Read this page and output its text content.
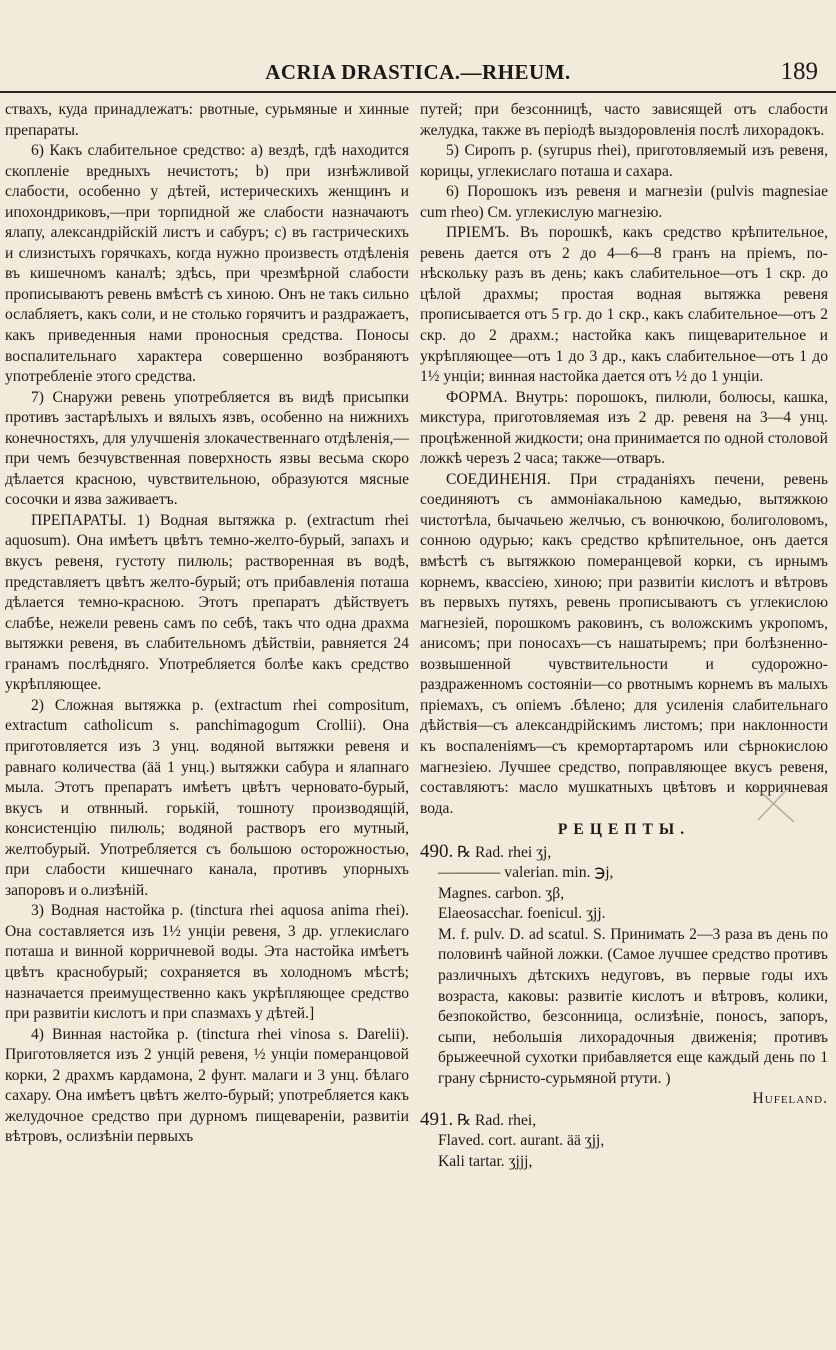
ACRIA DRASTICA.—RHEUM.	189

ствахъ, куда принадлежатъ: рвотные, сурьмяные и хинные препараты.

6) Какъ слабительное средство: a) вездѣ, гдѣ находится скопленіе вредныхъ нечистотъ; b) при изнѣжливой слабости, особенно у дѣтей, истерическихъ женщинъ и ипохондриковъ,—при торпидной же слабости назначаютъ ялапу, александрійскій листъ и сабуръ; c) въ гастрическихъ и слизистыхъ горячкахъ, когда нужно произвесть отдѣленія въ кишечномъ каналѣ; здѣсь, при чрезмѣрной слабости прописываютъ ревень вмѣстѣ съ хиною. Онъ не такъ сильно ослабляетъ, какъ соли, и не столько горячитъ и раздражаетъ, какъ приведенныя нами проносныя средства. Поносы воспалительнаго характера совершенно возбраняютъ употребленіе этого средства.

7) Снаружи ревень употребляется въ видѣ присыпки противъ застарѣлыхъ и вялыхъ язвъ, особенно на нижнихъ конечностяхъ, для улучшенія злокачественнаго отдѣленія,—при чемъ безчувственная поверхность язвы весьма скоро дѣлается красною, чувствительною, образуются мясные сосочки и язва заживаетъ.

ПРЕПАРАТЫ. 1) Водная вытяжка р. (extractum rhei aquosum). Она имѣетъ цвѣтъ темно-желто-бурый, запахъ и вкусъ ревеня, густоту пилюль; растворенная въ водѣ, представляетъ цвѣтъ желто-бурый; отъ прибавленія поташа дѣлается темно-красною. Этотъ препаратъ дѣйствуетъ слабѣе, нежели ревень самъ по себѣ, такъ что одна драхма вытяжки ревеня, въ слабительномъ дѣйствіи, равняется 24 гранамъ послѣдняго. Употребляется болѣе какъ средство укрѣпляющее.

2) Сложная вытяжка р. (extractum rhei compositum, extractum catholicum s. panchimagogum Crollii). Она приготовляется изъ 3 унц. водяной вытяжки ревеня и равнаго количества (ää 1 унц.) вытяжки сабура и ялапнаго мыла. Этотъ препаратъ имѣетъ цвѣтъ черновато-бурый, вкусъ и отвнный. горькій, тошноту производящій, консистенцію пилюль; водяной растворъ его мутный, желтобурый. Употребляется съ большою осторожностью, при слабости кишечнаго канала, противъ упорныхъ запоровъ и о.лизѣній.

3) Водная настойка р. (tinctura rhei aquosa anima rhei). Она составляется изъ 1½ унціи ревеня, 3 др. углекислаго поташа и винной корричневой воды. Эта настойка имѣетъ цвѣтъ краснобурый; сохраняется въ холодномъ мѣстѣ; назначается преимущественно какъ укрѣпляющее средство при развитіи кислотъ и при спазмахъ у дѣтей.]

4) Винная настойка р. (tinctura rhei vinosa s. Darelii). Приготовляется изъ 2 унцій ревеня, ½ унціи померанцовой корки, 2 драхмъ кардамона, 2 фунт. малаги и 3 унц. бѣлаго сахару. Она имѣетъ цвѣтъ желто-бурый; употребляется какъ желудочное средство при дурномъ пищевареніи, развитіи вѣтровъ, ослизѣніи первыхъ

путей; при безсонницѣ, часто зависящей отъ слабости желудка, также въ періодѣ выздоровленія послѣ лихорадокъ.

5) Сиропъ р. (syrupus rhei), приготовляемый изъ ревеня, корицы, углекислаго поташа и сахара.

6) Порошокъ изъ ревеня и магнезіи (pulvis magnesiae cum rheo) См. углекислую магнезію.

ПРІЕМЪ. Въ порошкѣ, какъ средство крѣпительное, ревень дается отъ 2 до 4—6—8 гранъ на пріемъ, по-нѣскольку разъ въ день; какъ слабительное—отъ 1 скр. до цѣлой драхмы; простая водная вытяжка ревеня прописывается отъ 5 гр. до 1 скр., какъ слабительное—отъ 2 скр. до 2 драхм.; настойка какъ пищеварительное и укрѣпляющее—отъ 1 до 3 др., какъ слабительное—отъ 1 до 1½ унціи; винная настойка дается отъ ½ до 1 унціи.

ФОРМА. Внутрь: порошокъ, пилюли, болюсы, кашка, микстура, приготовляемая изъ 2 др. ревеня на 3—4 унц. процѣженной жидкости; она принимается по одной столовой ложкѣ черезъ 2 часа; также—отваръ.

СОЕДИНЕНІЯ. При страданіяхъ печени, ревень соединяютъ съ аммоніакальною камедью, вытяжкою чистотѣла, бычачьею желчью, съ вонючкою, болиголовомъ, сонною одурью; какъ средство крѣпительное, онъ дается вмѣстѣ съ вытяжкою померанцевой корки, съ ирнымъ корнемъ, квассіею, хиною; при развитіи кислотъ и вѣтровъ въ первыхъ путяхъ, ревень прописываютъ съ углекислою магнезіей, порошкомъ раковинъ, съ воложскимъ укропомъ, анисомъ; при поносахъ—съ нашатыремъ; при болѣзненно-возвышенной чувствительности и судорожно-раздраженномъ состояніи—со рвотнымъ корнемъ въ малыхъ пріемахъ, съ опіемъ .бѣлено; для усиленія слабительнаго дѣйствія—съ александрійскимъ листомъ; при наклонности къ воспаленіямъ—съ кремортартаромъ или сѣрнокислою магнезіею. Лучшее средство, поправляющее вкусъ ревеня, составляютъ: масло мушкатныхъ цвѣтовъ и корричневая вода.

РЕЦЕПТЫ.
490. ℞ Rad. rhei ʒj,
———— valerian. min. ℈j,
Magnes. carbon. ʒβ,
Elaeosacchar. foenicul. ʒjj.
M. f. pulv. D. ad scatul. S. Принимать 2—3 раза въ день по половинѣ чайной ложки. (Самое лучшее средство противъ различныхъ дѣтскихъ недуговъ, въ первые годы ихъ возраста, каковы: развитіе кислотъ и вѣтровъ, колики, безпокойство, безсонница, ослизѣніе, поносъ, запоръ, сыпи, небольшія лихорадочныя движенія; противъ брыжеечной сухотки прибавляется еще каждый день по 1 грану сѣрнисто-сурьмяной ртути. )
Hufeland.
491. ℞ Rad. rhei,
Flaved. cort. aurant. ää ʒjj,
Kali tartar. ʒjjj,
